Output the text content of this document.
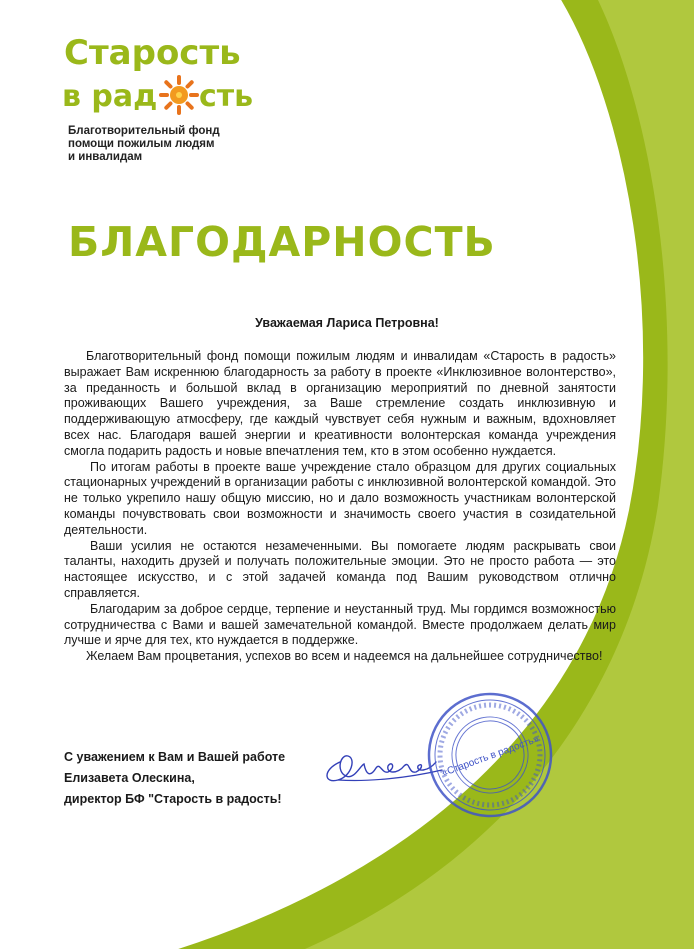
Старость
в рад сть
Благотворительный фонд
помощи пожилым людям
и инвалидам
БЛАГОДАРНОСТЬ
Уважаемая Лариса Петровна!

Благотворительный фонд помощи пожилым людям и инвалидам «Старость в радость» выражает Вам искреннюю благодарность за работу в проекте «Инклюзивное волонтерство», за преданность и большой вклад в организацию мероприятий по дневной занятости проживающих Вашего учреждения, за Ваше стремление создать инклюзивную и поддерживающую атмосферу, где каждый чувствует себя нужным и важным, вдохновляет всех нас. Благодаря вашей энергии и креативности волонтерская команда учреждения смогла подарить радость и новые впечатления тем, кто в этом особенно нуждается.

По итогам работы в проекте ваше учреждение стало образцом для других социальных стационарных учреждений в организации работы с инклюзивной волонтерской командой. Это не только укрепило нашу общую миссию, но и дало возможность участникам волонтерской команды почувствовать свои возможности и значимость своего участия в созидательной деятельности.

Ваши усилия не остаются незамеченными. Вы помогаете людям раскрывать свои таланты, находить друзей и получать положительные эмоции. Это не просто работа — это настоящее искусство, и с этой задачей команда под Вашим руководством отлично справляется.

Благодарим за доброе сердце, терпение и неустанный труд. Мы гордимся возможностью сотрудничества с Вами и вашей замечательной командой. Вместе продолжаем делать мир лучше и ярче для тех, кто нуждается в поддержке.

Желаем Вам процветания, успехов во всем и надеемся на дальнейшее сотрудничество!

С уважением к Вам и Вашей работе
Елизавета Олескина,
директор БФ "Старость в радость!
«Старость в радость»
